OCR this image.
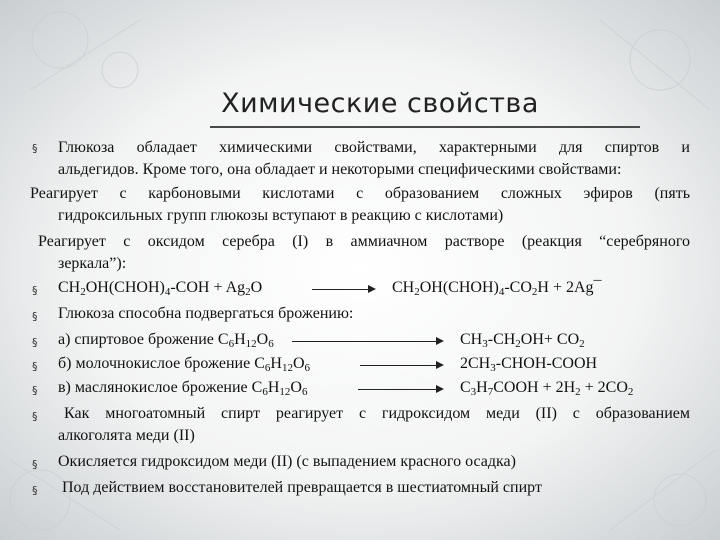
Химические свойства
§ Глюкоза обладает химическими свойствами, характерными для спиртов и
альдегидов. Кроме того, она обладает и некоторыми специфическими свойствами:
Реагирует с карбоновыми кислотами с образованием сложных эфиров (пять
гидроксильных групп глюкозы вступают в реакцию с кислотами)
Реагирует с оксидом серебра (I) в аммиачном растворе (реакция “серебряного
зеркала”):
§ $CH_2OH(CHOH)_4$-COH + $Ag_2O$	→ $CH_2OH(CHOH)_4-CO_2H$ + 2Ag¯
§ Глюкоза способна подвергаться брожению:
§ а) спиртовое брожение $C_6H_{12}O_6$	$CH_3-CH_2OH+ CO_2$
§ б) молочнокислое брожение $C_6H_{12}O_6$	$2CH_3-CHOH$-COOH
§ в) маслянокислое брожение $C_6H_{12}O_6$	$C_3H_7COOH + 2H_2 + 2CO_2$
§ Как многоатомный спирт реагирует с гидроксидом меди (II) с образованием
алкоголята меди (II)
§ Окисляется гидроксидом меди (II) (с выпадением красного осадка)
§ Под действием восстановителей превращается в шестиатомный спирт
